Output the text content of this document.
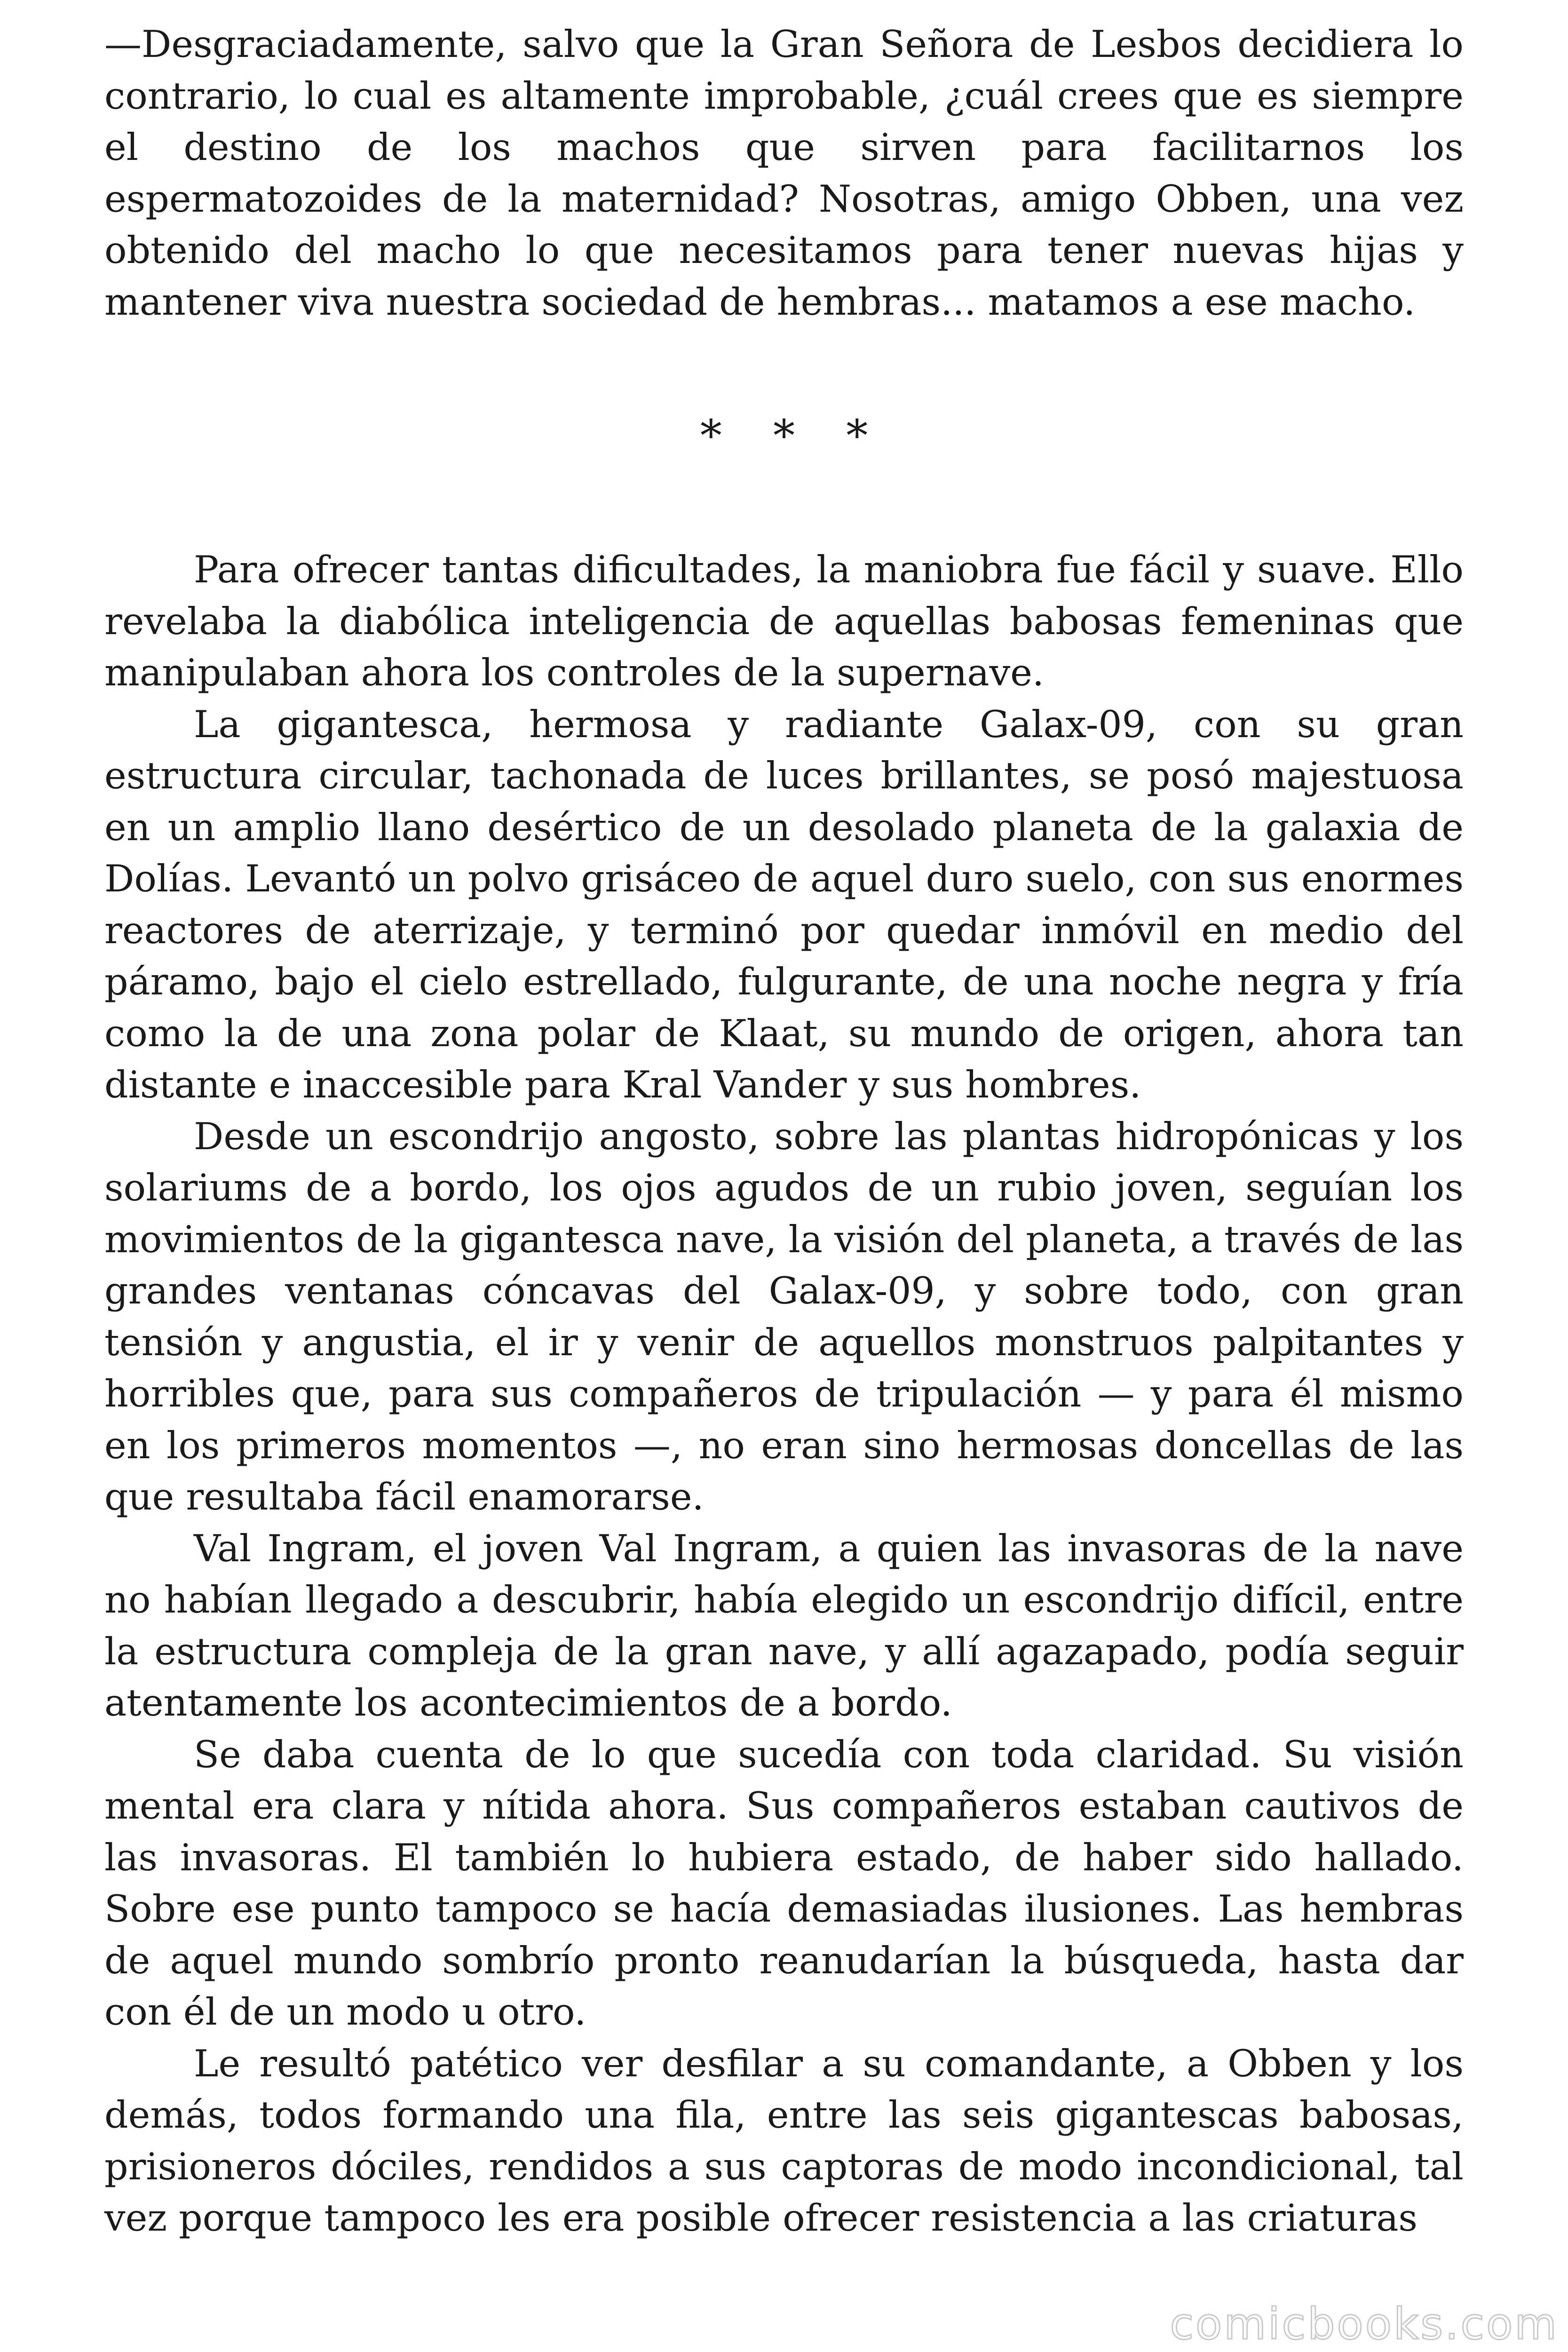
—Desgraciadamente, salvo que la Gran Señora de Lesbos decidiera lo contrario, lo cual es altamente improbable, ¿cuál crees que es siempre el destino de los machos que sirven para facilitarnos los espermatozoides de la maternidad? Nosotras, amigo Obben, una vez obtenido del macho lo que necesitamos para tener nuevas hijas y mantener viva nuestra sociedad de hembras... matamos a ese macho.

* * *

Para ofrecer tantas dificultades, la maniobra fue fácil y suave. Ello revelaba la diabólica inteligencia de aquellas babosas femeninas que manipulaban ahora los controles de la supernave.

La gigantesca, hermosa y radiante Galax-09, con su gran estructura circular, tachonada de luces brillantes, se posó majestuosa en un amplio llano desértico de un desolado planeta de la galaxia de Dolías. Levantó un polvo grisáceo de aquel duro suelo, con sus enormes reactores de aterrizaje, y terminó por quedar inmóvil en medio del páramo, bajo el cielo estrellado, fulgurante, de una noche negra y fría como la de una zona polar de Klaat, su mundo de origen, ahora tan distante e inaccesible para Kral Vander y sus hombres.

Desde un escondrijo angosto, sobre las plantas hidropónicas y los solariums de a bordo, los ojos agudos de un rubio joven, seguían los movimientos de la gigantesca nave, la visión del planeta, a través de las grandes ventanas cóncavas del Galax-09, y sobre todo, con gran tensión y angustia, el ir y venir de aquellos monstruos palpitantes y horribles que, para sus compañeros de tripulación — y para él mismo en los primeros momentos —, no eran sino hermosas doncellas de las que resultaba fácil enamorarse.

Val Ingram, el joven Val Ingram, a quien las invasoras de la nave no habían llegado a descubrir, había elegido un escondrijo difícil, entre la estructura compleja de la gran nave, y allí agazapado, podía seguir atentamente los acontecimientos de a bordo.

Se daba cuenta de lo que sucedía con toda claridad. Su visión mental era clara y nítida ahora. Sus compañeros estaban cautivos de las invasoras. El también lo hubiera estado, de haber sido hallado. Sobre ese punto tampoco se hacía demasiadas ilusiones. Las hembras de aquel mundo sombrío pronto reanudarían la búsqueda, hasta dar con él de un modo u otro.

Le resultó patético ver desfilar a su comandante, a Obben y los demás, todos formando una fila, entre las seis gigantescas babosas, prisioneros dóciles, rendidos a sus captoras de modo incondicional, tal vez porque tampoco les era posible ofrecer resistencia a las criaturas

comicbooks.com
